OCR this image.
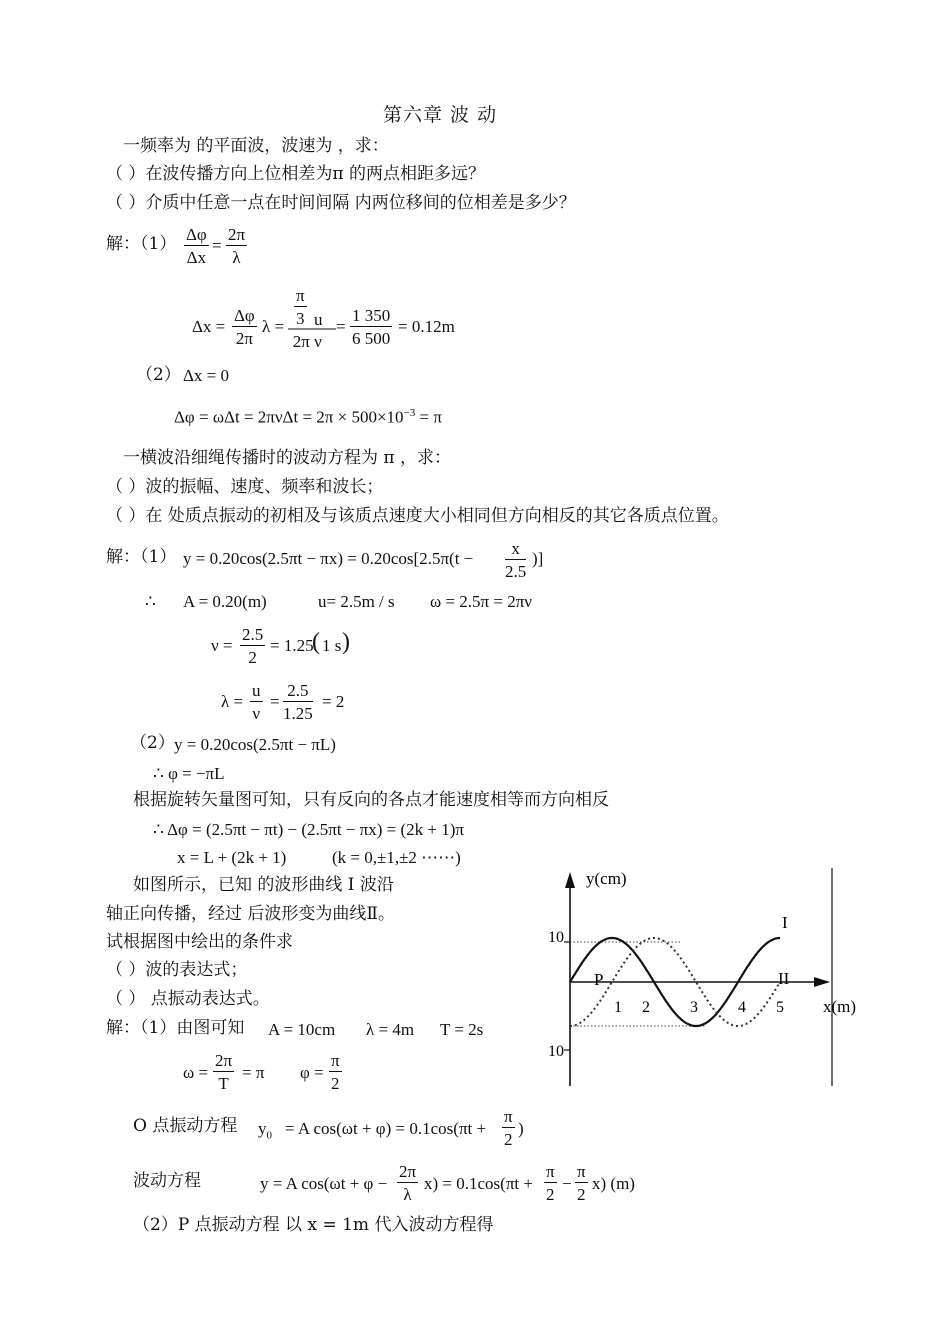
第六章 波 动
一频率为 的平面波，波速为 ，求：
（ ）在波传播方向上位相差为π 的两点相距多远？
（ ）介质中任意一点在时间间隔 内两位移间的位相差是多少？
解：$(1) \frac{\Delta\varphi}{\Delta x} = \frac{2\pi}{\lambda}$
$\Delta x = \frac{\Delta\varphi}{2\pi}$ $\lambda = \frac{\pi}{3}$ u
2π ν
= $\frac{1 350}{6 500} = 0.12m$
（2） Δx = 0
$\Delta\varphi = \omega\Delta t = 2\pi\nu\Delta t = 2\pi \times 500\times 10^{-3} = \pi$
一横波沿细绳传播时的波动方程为 π ，求：
（ ）波的振幅、速度、频率和波长；
（ ）在 处质点振动的初相及与该质点速度大小相同但方向相反的其它各质点位置。
解：（1） $y = 0.20\cos(2.5\pi t - \pi x) = 0.20\cos[2.5\pi(t - \frac{x}{2.5}$ )]
∴ A = 0.20(m)	u= 2.5m / s ω = 2.5π = 2πν
$\nu = \frac{2.5}{2} = 1.25$
( 1 s )
$\lambda = \frac{u}{\nu} = \frac{2.5}{1.25} = 2$
（2） y = 0.20cos(2.5πt − πL)
∴ φ = −πL
根据旋转矢量图可知，只有反向的各点才能速度相等而方向相反
∴ Δφ = (2.5πt − πt) − (2.5πt − πx) = (2k + 1)π
x = L + (2k + 1)	(k = 0,±1,±2 ⋯⋯)
如图所示，已知 的波形曲线 I 波沿
轴正向传播，经过 后波形变为曲线Ⅱ。
试根据图中绘出的条件求
（ ）波的表达式；
（ ） 点振动表达式。
解：（1）由图可知 A = 10cm λ = 4m T = 2s
$\omega = \frac{2\pi}{T} = \pi$ $\varphi = \frac{\pi}{2}$
O 点振动方程 $y_0 = A$ $\cos(\omega t + \varphi) = 0.1\cos(\pi t + \frac{\pi}{2}$ )
波动方程	y = A $\cos(\omega t + \varphi - \frac{2\pi}{\lambda} x) = 0.1\cos(\pi t + \frac{\pi}{2} - \frac{\pi}{2} x)$ (m)
（2）P 点振动方程 以 x = 1m 代入波动方程得
y(cm)
x(m)
10
10
I
II
P
1 2	3	4 5
